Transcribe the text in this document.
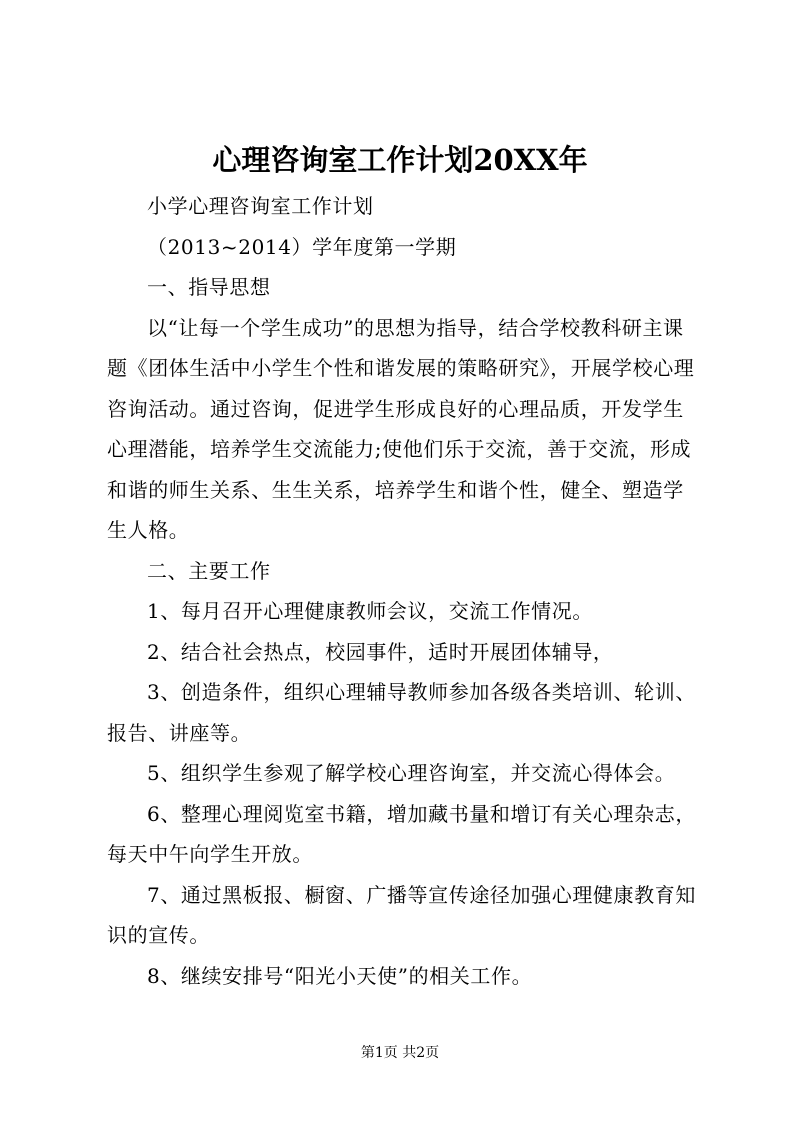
心理咨询室工作计划20XX年

小学心理咨询室工作计划

（2013~2014）学年度第一学期

一、指导思想

以“让每一个学生成功”的思想为指导，结合学校教科研主课题《团体生活中小学生个性和谐发展的策略研究》，开展学校心理咨询活动。通过咨询，促进学生形成良好的心理品质，开发学生心理潜能，培养学生交流能力;使他们乐于交流，善于交流，形成和谐的师生关系、生生关系，培养学生和谐个性，健全、塑造学生人格。

二、主要工作

1、每月召开心理健康教师会议，交流工作情况。

2、结合社会热点，校园事件，适时开展团体辅导，

3、创造条件，组织心理辅导教师参加各级各类培训、轮训、报告、讲座等。

5、组织学生参观了解学校心理咨询室，并交流心得体会。

6、整理心理阅览室书籍，增加藏书量和增订有关心理杂志，每天中午向学生开放。

7、通过黑板报、橱窗、广播等宣传途径加强心理健康教育知识的宣传。

8、继续安排号“阳光小天使”的相关工作。

第1页 共2页
